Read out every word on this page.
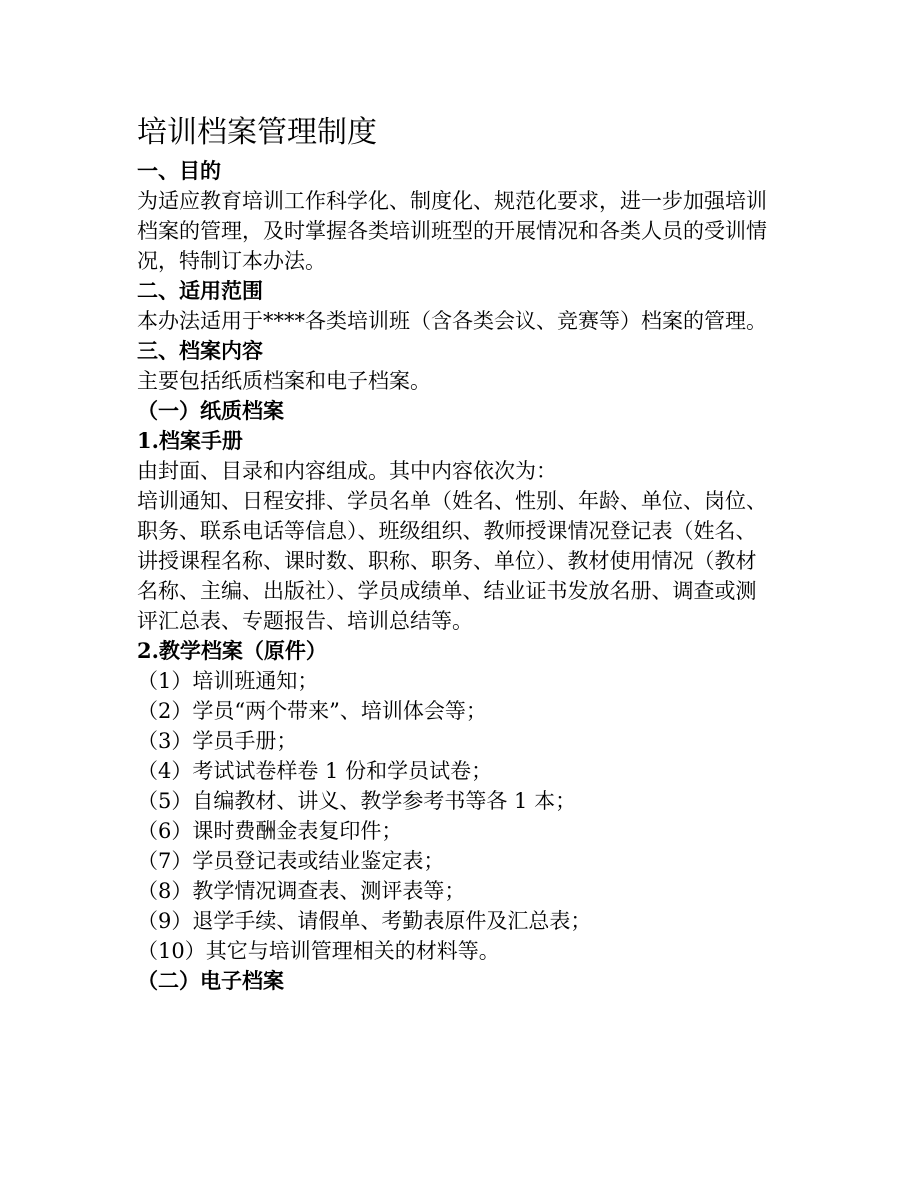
培训档案管理制度

一、目的

为适应教育培训工作科学化、制度化、规范化要求，进一步加强培训档案的管理，及时掌握各类培训班型的开展情况和各类人员的受训情况，特制订本办法。

二、适用范围

本办法适用于****各类培训班（含各类会议、竞赛等）档案的管理。

三、档案内容

主要包括纸质档案和电子档案。

（一）纸质档案

1.档案手册

由封面、目录和内容组成。其中内容依次为：

培训通知、日程安排、学员名单（姓名、性别、年龄、单位、岗位、职务、联系电话等信息）、班级组织、教师授课情况登记表（姓名、讲授课程名称、课时数、职称、职务、单位）、教材使用情况（教材名称、主编、出版社）、学员成绩单、结业证书发放名册、调查或测评汇总表、专题报告、培训总结等。

2.教学档案（原件）

（1）培训班通知；

（2）学员“两个带来”、培训体会等；

（3）学员手册；

（4）考试试卷样卷 1 份和学员试卷；

（5）自编教材、讲义、教学参考书等各 1 本；

（6）课时费酬金表复印件；

（7）学员登记表或结业鉴定表；

（8）教学情况调查表、测评表等；

（9）退学手续、请假单、考勤表原件及汇总表；

（10）其它与培训管理相关的材料等。

（二）电子档案
